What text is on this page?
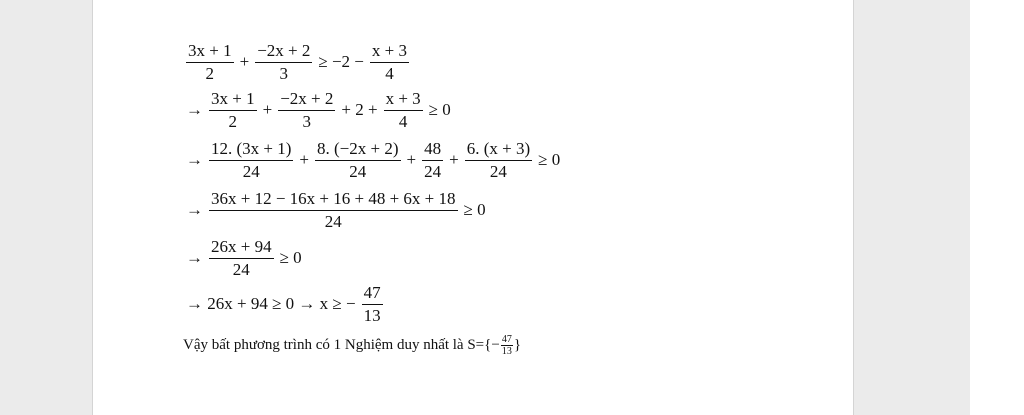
$\frac{3x + 1}{2} + \frac{-2x + 2}{3} \ge -2 - \frac{x + 3}{4}$
→ $\frac{3x + 1}{2} + \frac{-2x + 2}{3} + 2 + \frac{x + 3}{4} \ge 0$
→ $\frac{12. (3x + 1)}{24} + \frac{8. (-2x + 2)}{24} + \frac{48}{24} + \frac{6. (x + 3)}{24} \ge 0$
→ $\frac{36x + 12 - 16x + 16 + 48 + 6x + 18}{24} \ge 0$
→ $\frac{26x + 94}{24} \ge 0$
→ 26x + 94 ≥ 0 → x ≥ − $\frac{47}{13}$
Vậy bất phương trình có 1 Nghiệm duy nhất là $S=\{- \frac{47}{13}$ }
